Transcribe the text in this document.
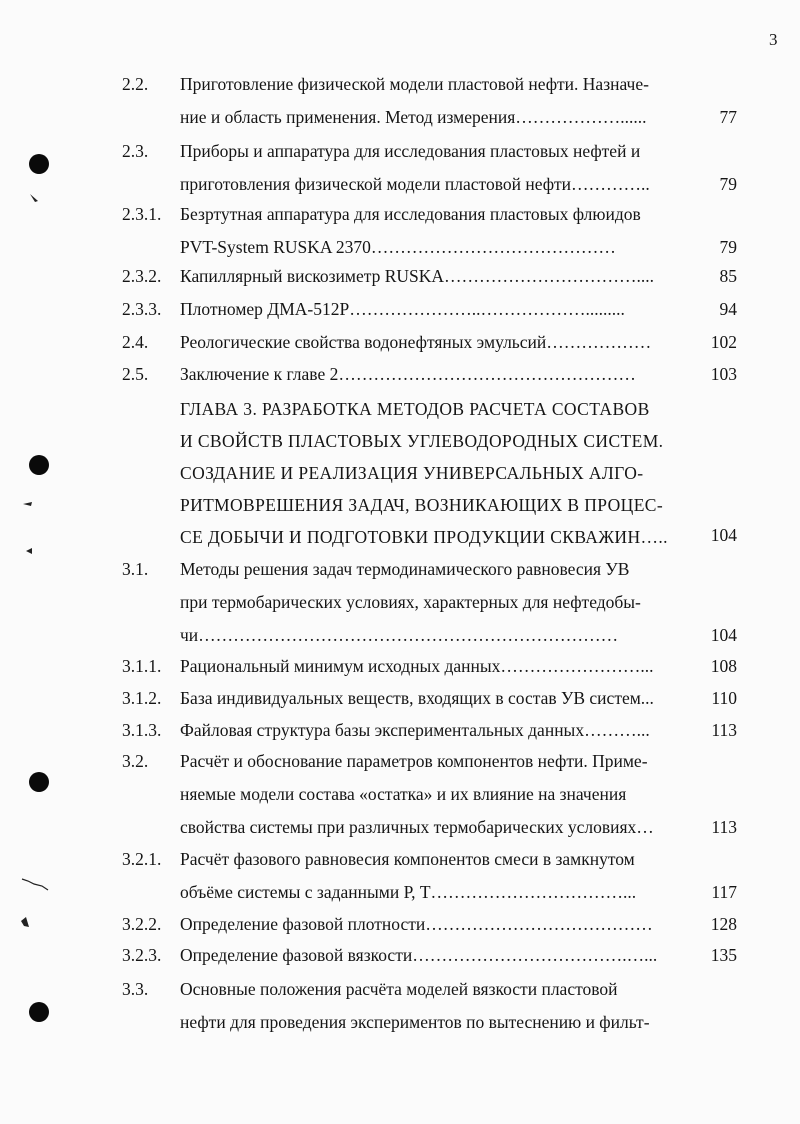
3
2.2. Приготовление физической модели пластовой нефти. Назначе-
ние и область применения. Метод измерения………………......	77
2.3. Приборы и аппаратура для исследования пластовых нефтей и
приготовления физической модели пластовой нефти…………..	79
2.3.1. Безртутная аппаратура для исследования пластовых флюидов
PVT-System RUSKA 2370……………………………………	79
2.3.2. Капиллярный вискозиметр RUSKA……………………………....	85
2.3.3. Плотномер ДМА-512Р…………………..……………….........	94
2.4. Реологические свойства водонефтяных эмульсий………………	102
2.5. Заключение к главе 2……………………………………………	103
ГЛАВА 3. РАЗРАБОТКА МЕТОДОВ РАСЧЕТА СОСТАВОВ
И СВОЙСТВ ПЛАСТОВЫХ УГЛЕВОДОРОДНЫХ СИСТЕМ.
СОЗДАНИЕ И РЕАЛИЗАЦИЯ УНИВЕРСАЛЬНЫХ АЛГО-
РИТМОВРЕШЕНИЯ ЗАДАЧ, ВОЗНИКАЮЩИХ В ПРОЦЕС-
СЕ ДОБЫЧИ И ПОДГОТОВКИ ПРОДУКЦИИ СКВАЖИН…..	104
3.1. Методы решения задач термодинамического равновесия УВ
при термобарических условиях, характерных для нефтедобы-
чи………………………………………………………………	104
3.1.1. Рациональный минимум исходных данных……………………...	108
3.1.2. База индивидуальных веществ, входящих в состав УВ систем...	110
3.1.3. Файловая структура базы экспериментальных данных………...	113
3.2. Расчёт и обоснование параметров компонентов нефти. Приме-
няемые модели состава «остатка» и их влияние на значения
свойства системы при различных термобарических условиях…	113
3.2.1. Расчёт фазового равновесия компонентов смеси в замкнутом
объёме системы с заданными Р, Т……………………………...	117
3.2.2. Определение фазовой плотности…………………………………	128
3.2.3. Определение фазовой вязкости……………………………….…...	135
3.3. Основные положения расчёта моделей вязкости пластовой
нефти для проведения экспериментов по вытеснению и фильт-
